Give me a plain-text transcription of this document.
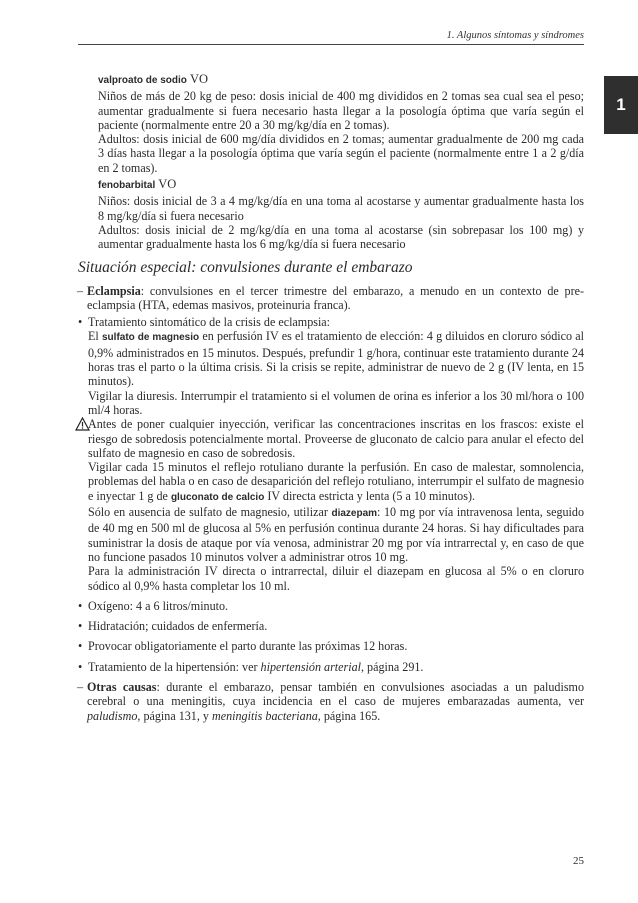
1. Algunos síntomas y síndromes
1
valproato de sodio VO

Niños de más de 20 kg de peso: dosis inicial de 400 mg divididos en 2 tomas sea cual sea el peso; aumentar gradualmente si fuera necesario hasta llegar a la posología óptima que varía según el paciente (normalmente entre 20 a 30 mg/kg/día en 2 tomas).

Adultos: dosis inicial de 600 mg/día divididos en 2 tomas; aumentar gradualmente de 200 mg cada 3 días hasta llegar a la posología óptima que varía según el paciente (normalmente entre 1 a 2 g/día en 2 tomas).

fenobarbital VO

Niños: dosis inicial de 3 a 4 mg/kg/día en una toma al acostarse y aumentar gradualmente hasta los 8 mg/kg/día si fuera necesario

Adultos: dosis inicial de 2 mg/kg/día en una toma al acostarse (sin sobrepasar los 100 mg) y aumentar gradualmente hasta los 6 mg/kg/día si fuera necesario

Situación especial: convulsiones durante el embarazo
– Eclampsia: convulsiones en el tercer trimestre del embarazo, a menudo en un contexto de pre-eclampsia (HTA, edemas masivos, proteinuria franca).
• Tratamiento sintomático de la crisis de eclampsia:

El sulfato de magnesio en perfusión IV es el tratamiento de elección: 4 g diluidos en cloruro sódico al 0,9% administrados en 15 minutos. Después, prefundir 1 g/hora, continuar este tratamiento durante 24 horas tras el parto o la última crisis. Si la crisis se repite, administrar de nuevo de 2 g (IV lenta, en 15 minutos).

Vigilar la diuresis. Interrumpir el tratamiento si el volumen de orina es inferior a los 30 ml/hora o 100 ml/4 horas.

Antes de poner cualquier inyección, verificar las concentraciones inscritas en los frascos: existe el riesgo de sobredosis potencialmente mortal. Proveerse de gluconato de calcio para anular el efecto del sulfato de magnesio en caso de sobredosis.

Vigilar cada 15 minutos el reflejo rotuliano durante la perfusión. En caso de malestar, somnolencia, problemas del habla o en caso de desaparición del reflejo rotuliano, interrumpir el sulfato de magnesio e inyectar 1 g de gluconato de calcio IV directa estricta y lenta (5 a 10 minutos).

Sólo en ausencia de sulfato de magnesio, utilizar diazepam: 10 mg por vía intravenosa lenta, seguido de 40 mg en 500 ml de glucosa al 5% en perfusión continua durante 24 horas. Si hay dificultades para suministrar la dosis de ataque por vía venosa, administrar 20 mg por vía intrarrectal y, en caso de que no funcione pasados 10 minutos volver a administrar otros 10 mg.

Para la administración IV directa o intrarrectal, diluir el diazepam en glucosa al 5% o en cloruro sódico al 0,9% hasta completar los 10 ml.

• Oxígeno: 4 a 6 litros/minuto.

• Hidratación; cuidados de enfermería.

• Provocar obligatoriamente el parto durante las próximas 12 horas.

• Tratamiento de la hipertensión: ver hipertensión arterial, página 291.

– Otras causas: durante el embarazo, pensar también en convulsiones asociadas a un paludismo cerebral o una meningitis, cuya incidencia en el caso de mujeres embarazadas aumenta, ver paludismo, página 131, y meningitis bacteriana, página 165.
25
